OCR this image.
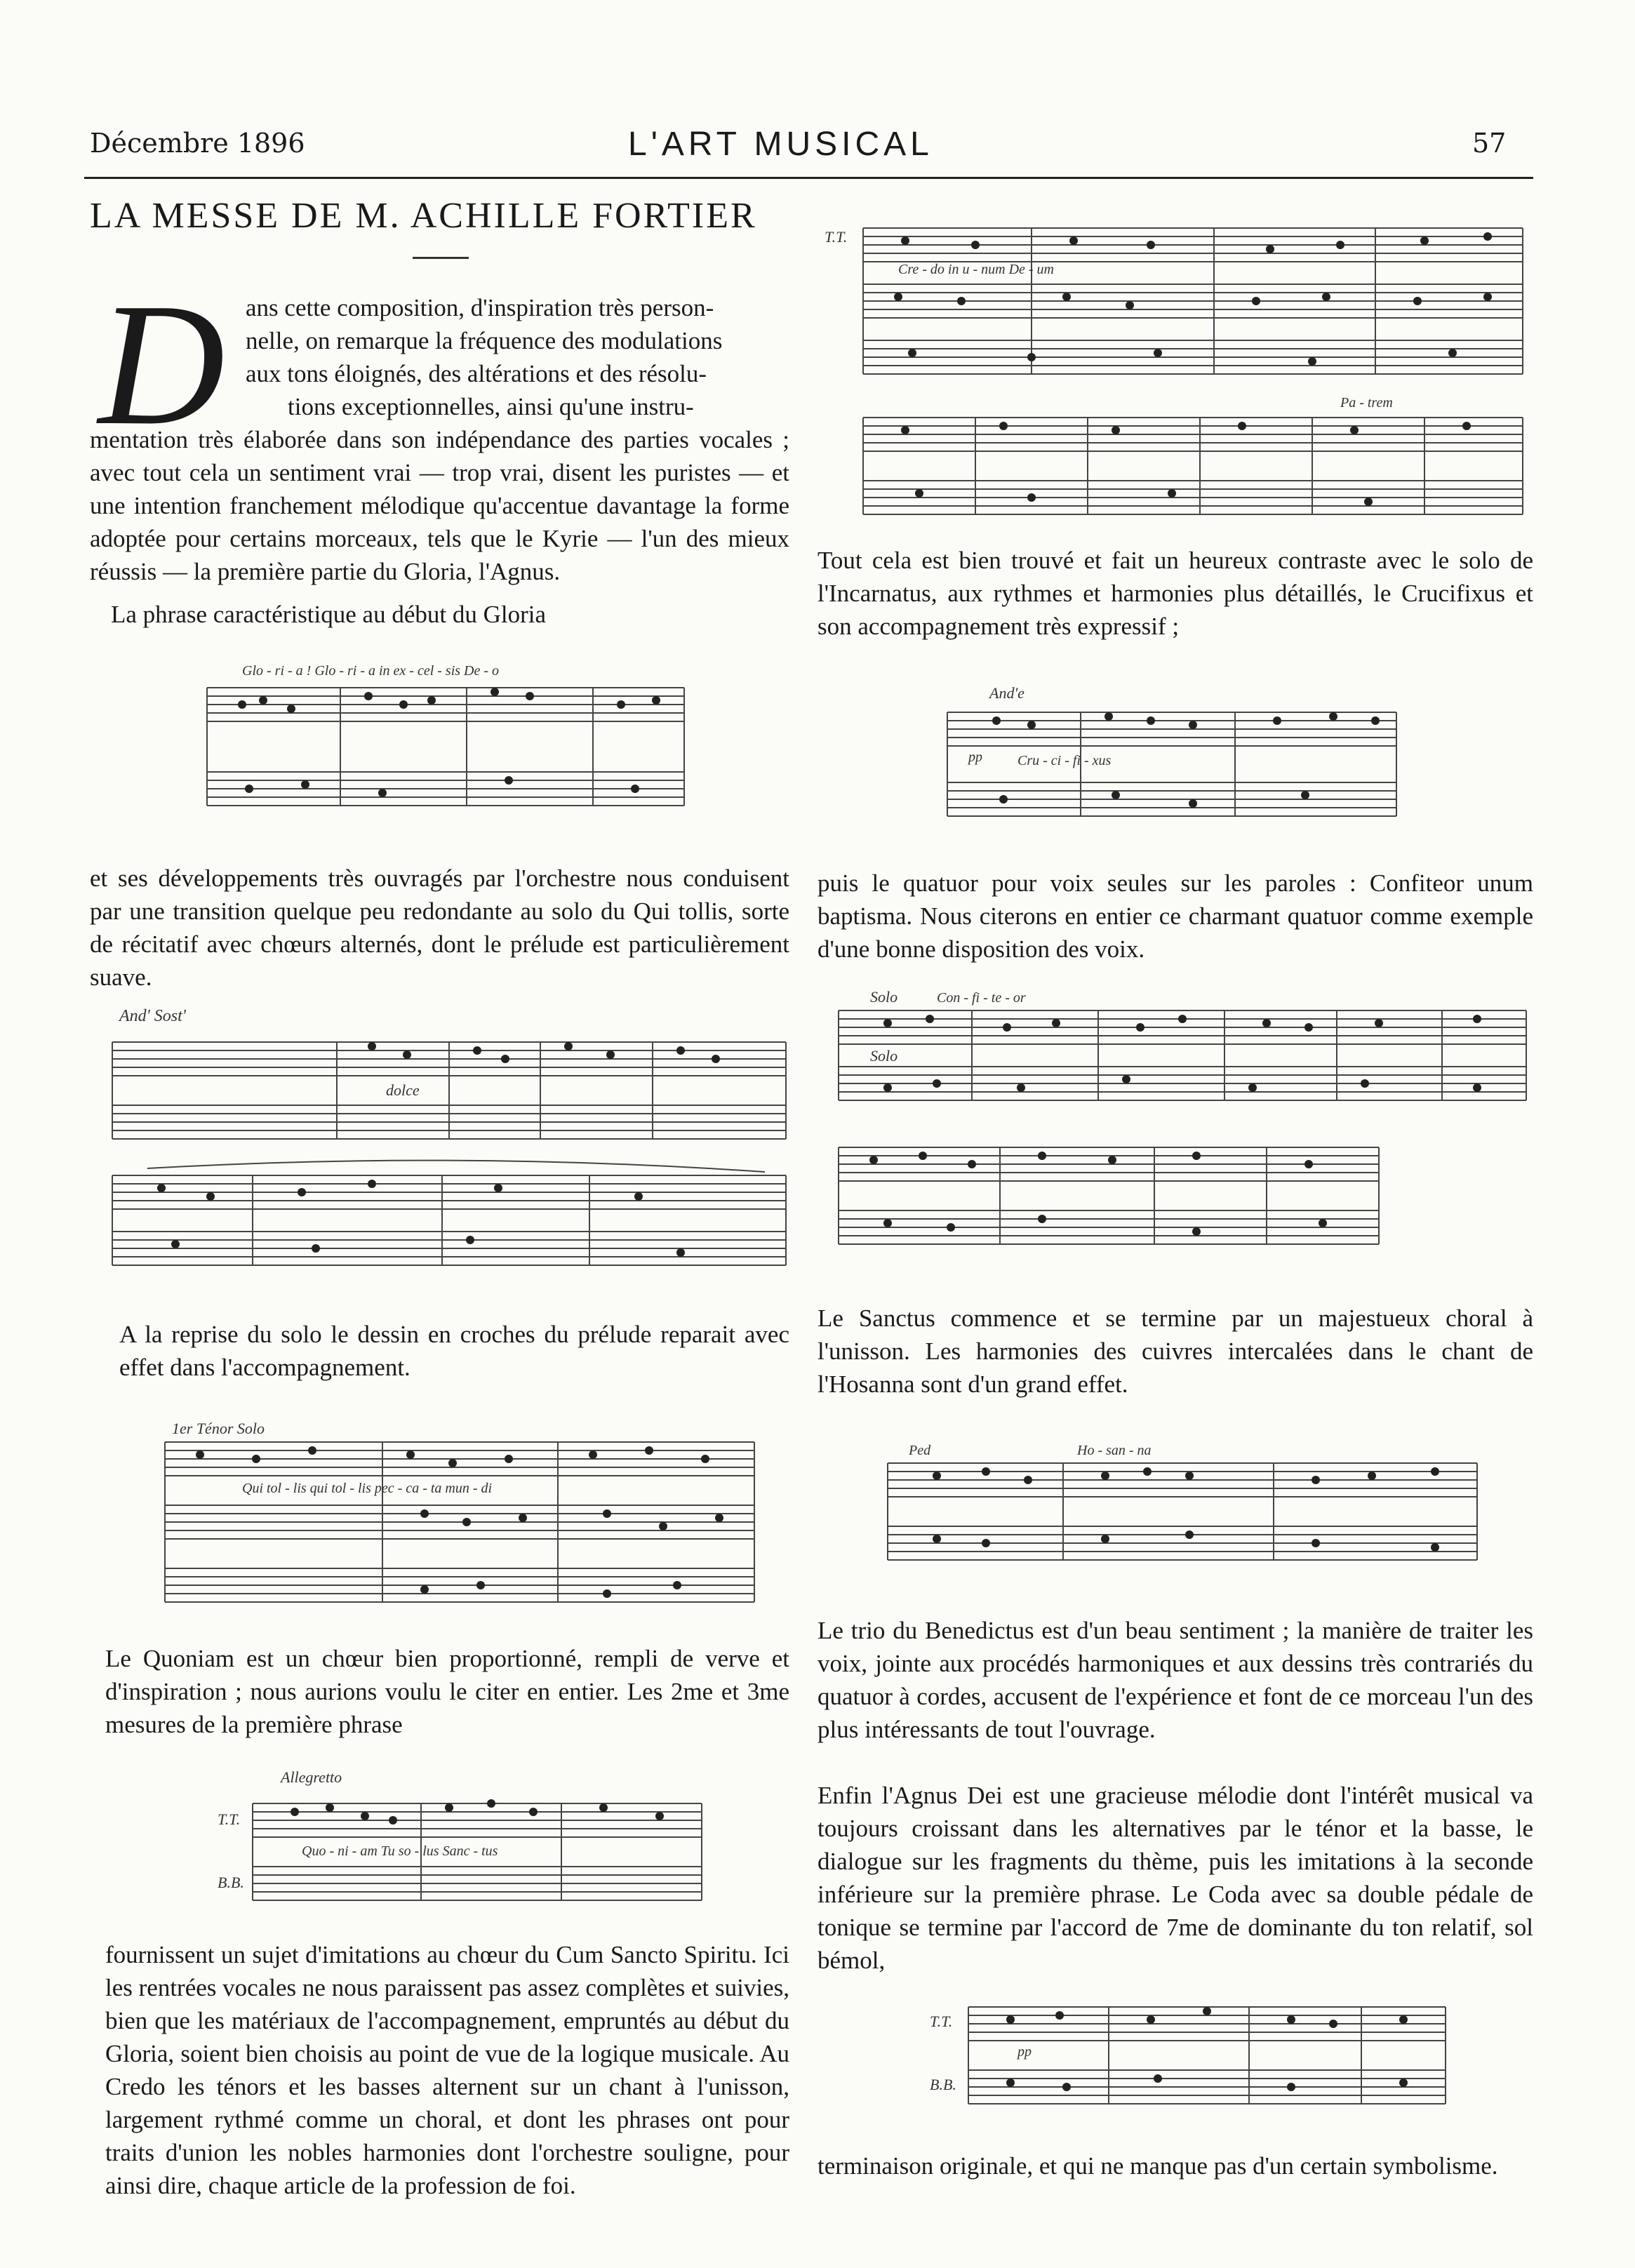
Décembre 1896	L'ART MUSICAL	57
LA MESSE DE M. ACHILLE FORTIER
D ans cette composition, d'inspiration très person-
nelle, on remarque la fréquence des modulations
aux tons éloignés, des altérations et des résolu-
tions exceptionnelles, ainsi qu'une instru-
mentation très élaborée dans son indépendance des parties vocales ; avec tout cela un sentiment vrai — trop vrai, disent les puristes — et une intention franchement mélodique qu'accentue davantage la forme adoptée pour certains morceaux, tels que le Kyrie — l'un des mieux réussis — la première partie du Gloria, l'Agnus.
La phrase caractéristique au début du Gloria
Glo - ri - a ! Glo - ri - a in ex - cel - sis De - o
et ses développements très ouvragés par l'orchestre nous conduisent par une transition quelque peu redondante au solo du Qui tollis, sorte de récitatif avec chœurs alternés, dont le prélude est particulièrement suave.
And' Sost'
dolce
A la reprise du solo le dessin en croches du prélude reparait avec effet dans l'accompagnement.
1er Ténor Solo
Qui tol - lis qui tol - lis pec - ca - ta mun - di
Le Quoniam est un chœur bien proportionné, rempli de verve et d'inspiration ; nous aurions voulu le citer en entier. Les 2me et 3me mesures de la première phrase
Allegretto
T.T.
B.B.
Quo - ni - am Tu so - lus Sanc - tus
fournissent un sujet d'imitations au chœur du Cum Sancto Spiritu. Ici les rentrées vocales ne nous paraissent pas assez complètes et suivies, bien que les matériaux de l'accompagnement, empruntés au début du Gloria, soient bien choisis au point de vue de la logique musicale. Au Credo les ténors et les basses alternent sur un chant à l'unisson, largement rythmé comme un choral, et dont les phrases ont pour traits d'union les nobles harmonies dont l'orchestre souligne, pour ainsi dire, chaque article de la profession de foi.
T.T.
Cre - do in u - num De - um
Pa - trem
Tout cela est bien trouvé et fait un heureux contraste avec le solo de l'Incarnatus, aux rythmes et harmonies plus détaillés, le Crucifixus et son accompagnement très expressif ;
And'e
pp	Cru - ci - fi - xus
puis le quatuor pour voix seules sur les paroles : Confiteor unum baptisma. Nous citerons en entier ce charmant quatuor comme exemple d'une bonne disposition des voix.
Solo	Con - fi - te - or
Solo
Le Sanctus commence et se termine par un majestueux choral à l'unisson. Les harmonies des cuivres intercalées dans le chant de l'Hosanna sont d'un grand effet.
Ped	Ho - san - na
Le trio du Benedictus est d'un beau sentiment ; la manière de traiter les voix, jointe aux procédés harmoniques et aux dessins très contrariés du quatuor à cordes, accusent de l'expérience et font de ce morceau l'un des plus intéressants de tout l'ouvrage.
Enfin l'Agnus Dei est une gracieuse mélodie dont l'intérêt musical va toujours croissant dans les alternatives par le ténor et la basse, le dialogue sur les fragments du thème, puis les imitations à la seconde inférieure sur la première phrase. Le Coda avec sa double pédale de tonique se termine par l'accord de 7me de dominante du ton relatif, sol bémol,
T.T.
B.B.
pp
terminaison originale, et qui ne manque pas d'un certain symbolisme.
